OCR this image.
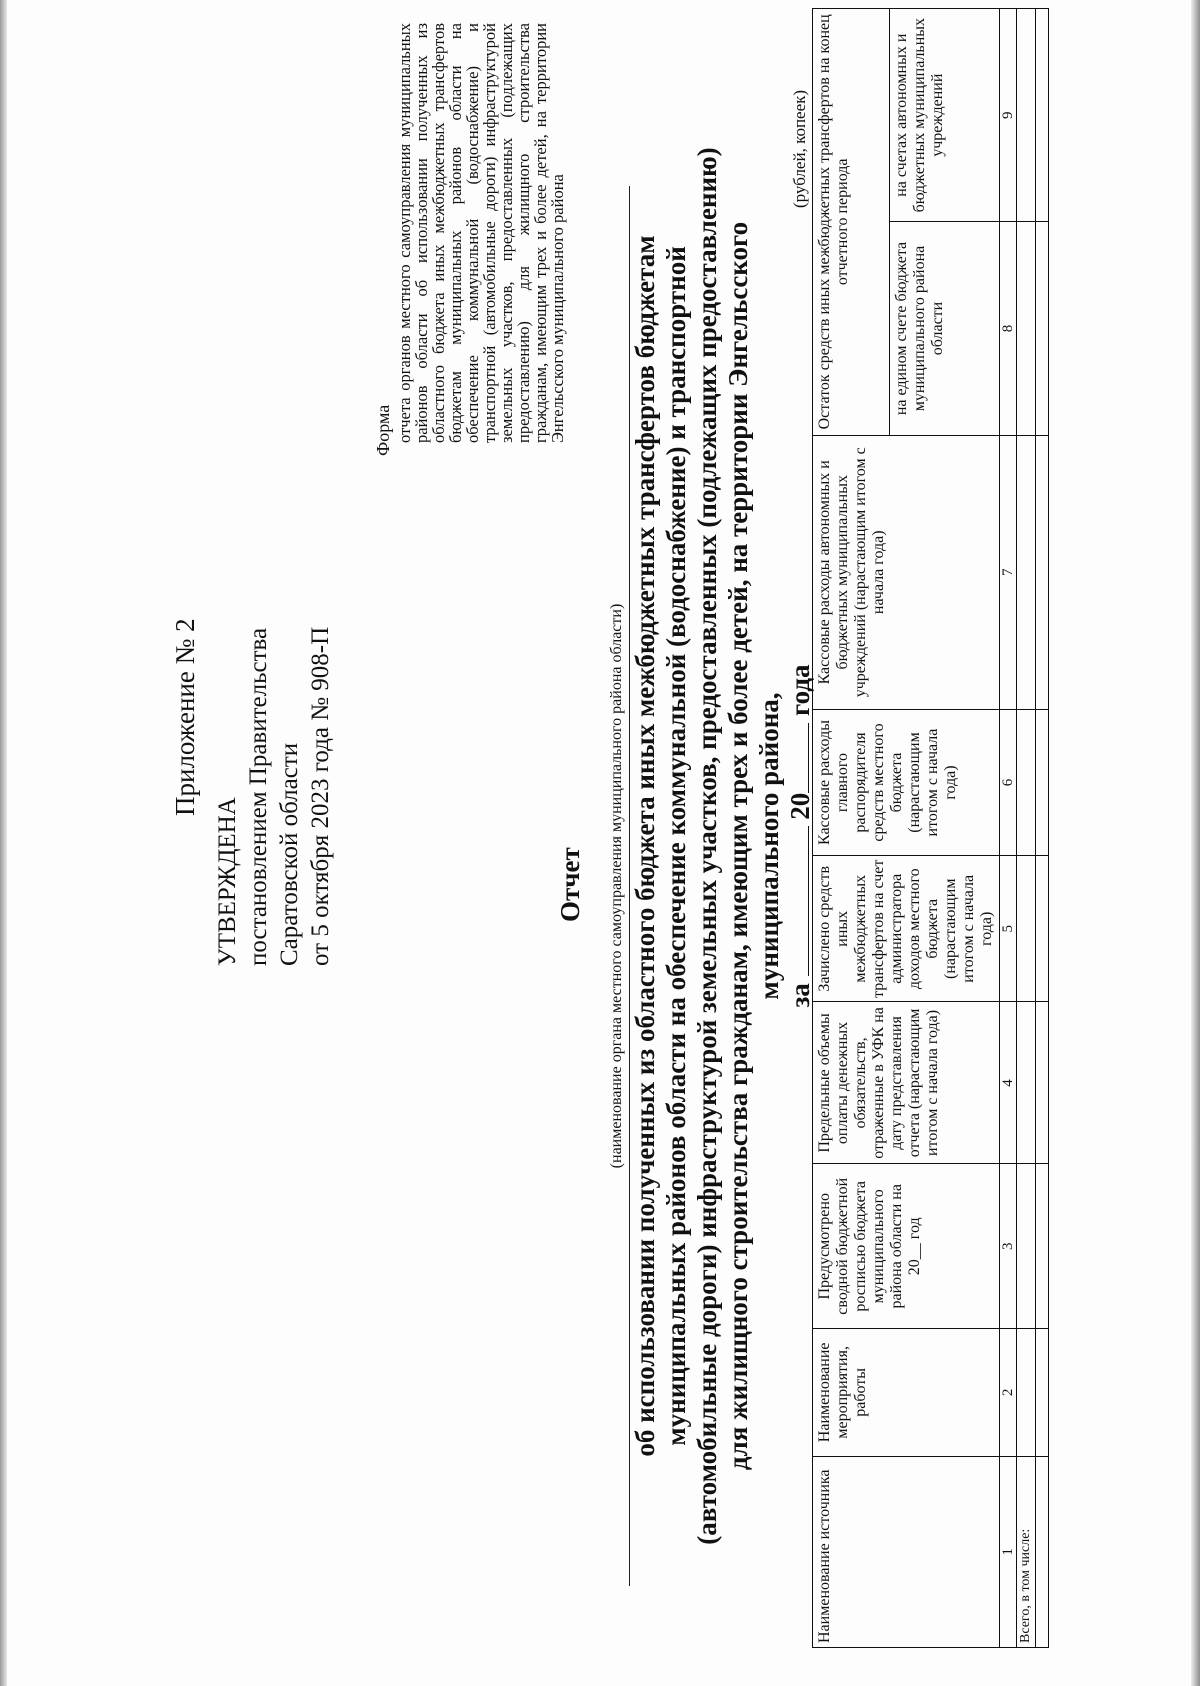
Приложение № 2
УТВЕРЖДЕНА постановлением Правительства Саратовской области от 5 октября 2023 года № 908-П
Форма отчета органов местного самоуправления муниципальных районов области об использовании полученных из областного бюджета иных межбюджетных трансфертов бюджетам муниципальных районов области на обеспечение коммунальной (водоснабжение) и транспортной (автомобильные дороги) инфраструктурой земельных участков, предоставленных (подлежащих предоставлению) для жилищного строительства гражданам, имеющим трех и более детей, на территории Энгельсского муниципального района
Отчет (наименование органа местного самоуправления муниципального района области) об использовании полученных из областного бюджета иных межбюджетных трансфертов бюджетам муниципальных районов области на обеспечение коммунальной (водоснабжение) и транспортной (автомобильные дороги) инфраструктурой земельных участков, предоставленных (подлежащих предоставлению) для жилищного строительства гражданам, имеющим трех и более детей, на территории Энгельсского муниципального района, за  20 года
(рублей, копеек)
Наименование источника	Наименование мероприятия, работы	Предусмотрено сводной бюджетной росписью бюджета муниципального района области на 20__ год	Предельные объемы оплаты денежных обязательств, отраженные в УФК на дату представления отчета (нарастающим итогом с начала года)	Зачислено средств иных межбюджетных трансфертов на счет администратора доходов местного бюджета (нарастающим итогом с начала года)	Кассовые расходы главного распорядителя средств местного бюджета (нарастающим итогом с начала года)	Кассовые расходы автономных и бюджетных муниципальных учреждений (нарастающим итогом с начала года)	Остаток средств иных межбюджетных трансфертов на конец отчетного периода	
							на едином счете бюджета муниципального района области	на счетах автономных и бюджетных муниципальных учреждений
1	2	3	4	5	6	7	8	9
Всего, в том числе:								
